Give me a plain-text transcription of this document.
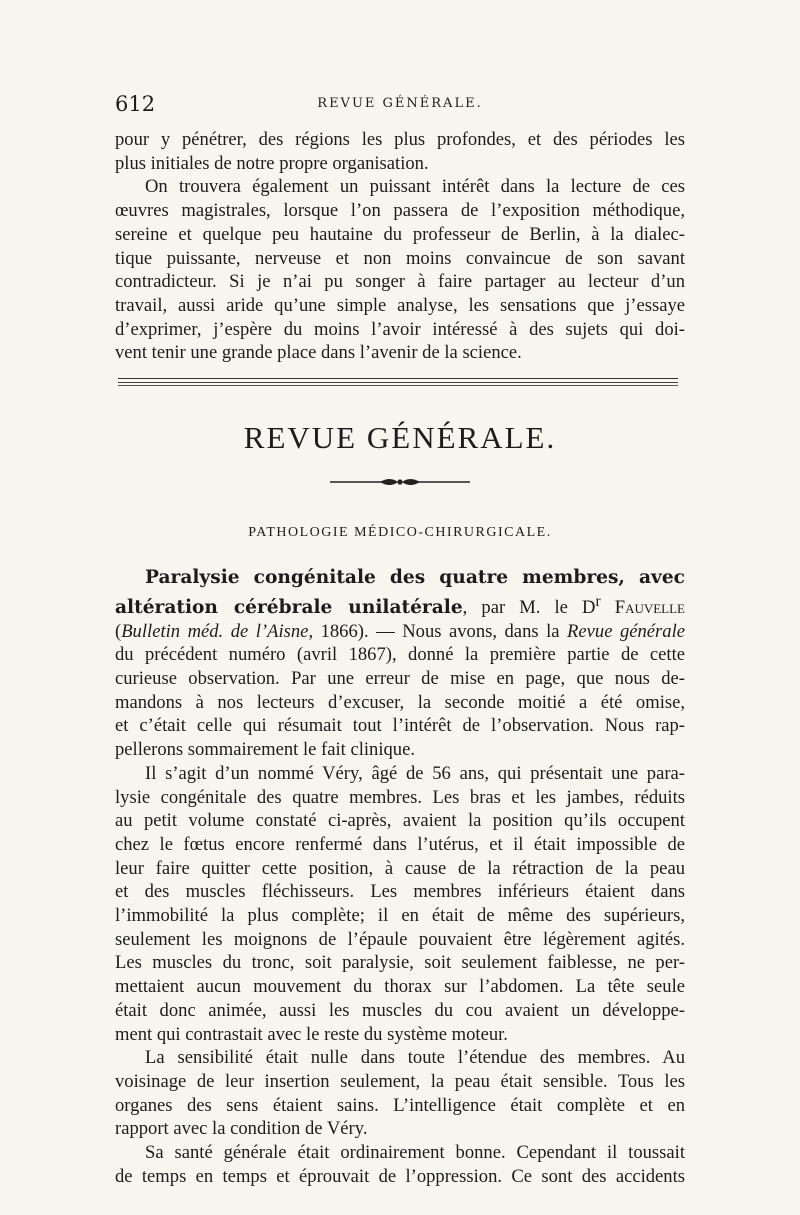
612	REVUE GÉNÉRALE.
pour y pénétrer, des régions les plus profondes, et des périodes les
plus initiales de notre propre organisation.
On trouvera également un puissant intérêt dans la lecture de ces
œuvres magistrales, lorsque l’on passera de l’exposition méthodique,
sereine et quelque peu hautaine du professeur de Berlin, à la dialec-
tique puissante, nerveuse et non moins convaincue de son savant
contradicteur. Si je n’ai pu songer à faire partager au lecteur d’un
travail, aussi aride qu’une simple analyse, les sensations que j’essaye
d’exprimer, j’espère du moins l’avoir intéressé à des sujets qui doi-
vent tenir une grande place dans l’avenir de la science.
REVUE GÉNÉRALE.
PATHOLOGIE MÉDICO-CHIRURGICALE.
Paralysie congénitale des quatre membres, avec
altération cérébrale unilatérale, par M. le $D^r$ Fauvelle
(Bulletin méd. de l’Aisne, 1866). — Nous avons, dans la Revue générale
du précédent numéro (avril 1867), donné la première partie de cette
curieuse observation. Par une erreur de mise en page, que nous de-
mandons à nos lecteurs d’excuser, la seconde moitié a été omise,
et c’était celle qui résumait tout l’intérêt de l’observation. Nous rap-
pellerons sommairement le fait clinique.
Il s’agit d’un nommé Véry, âgé de 56 ans, qui présentait une para-
lysie congénitale des quatre membres. Les bras et les jambes, réduits
au petit volume constaté ci-après, avaient la position qu’ils occupent
chez le fœtus encore renfermé dans l’utérus, et il était impossible de
leur faire quitter cette position, à cause de la rétraction de la peau
et des muscles fléchisseurs. Les membres inférieurs étaient dans
l’immobilité la plus complète; il en était de même des supérieurs,
seulement les moignons de l’épaule pouvaient être légèrement agités.
Les muscles du tronc, soit paralysie, soit seulement faiblesse, ne per-
mettaient aucun mouvement du thorax sur l’abdomen. La tête seule
était donc animée, aussi les muscles du cou avaient un développe-
ment qui contrastait avec le reste du système moteur.
La sensibilité était nulle dans toute l’étendue des membres. Au
voisinage de leur insertion seulement, la peau était sensible. Tous les
organes des sens étaient sains. L’intelligence était complète et en
rapport avec la condition de Véry.
Sa santé générale était ordinairement bonne. Cependant il toussait
de temps en temps et éprouvait de l’oppression. Ce sont des accidents
